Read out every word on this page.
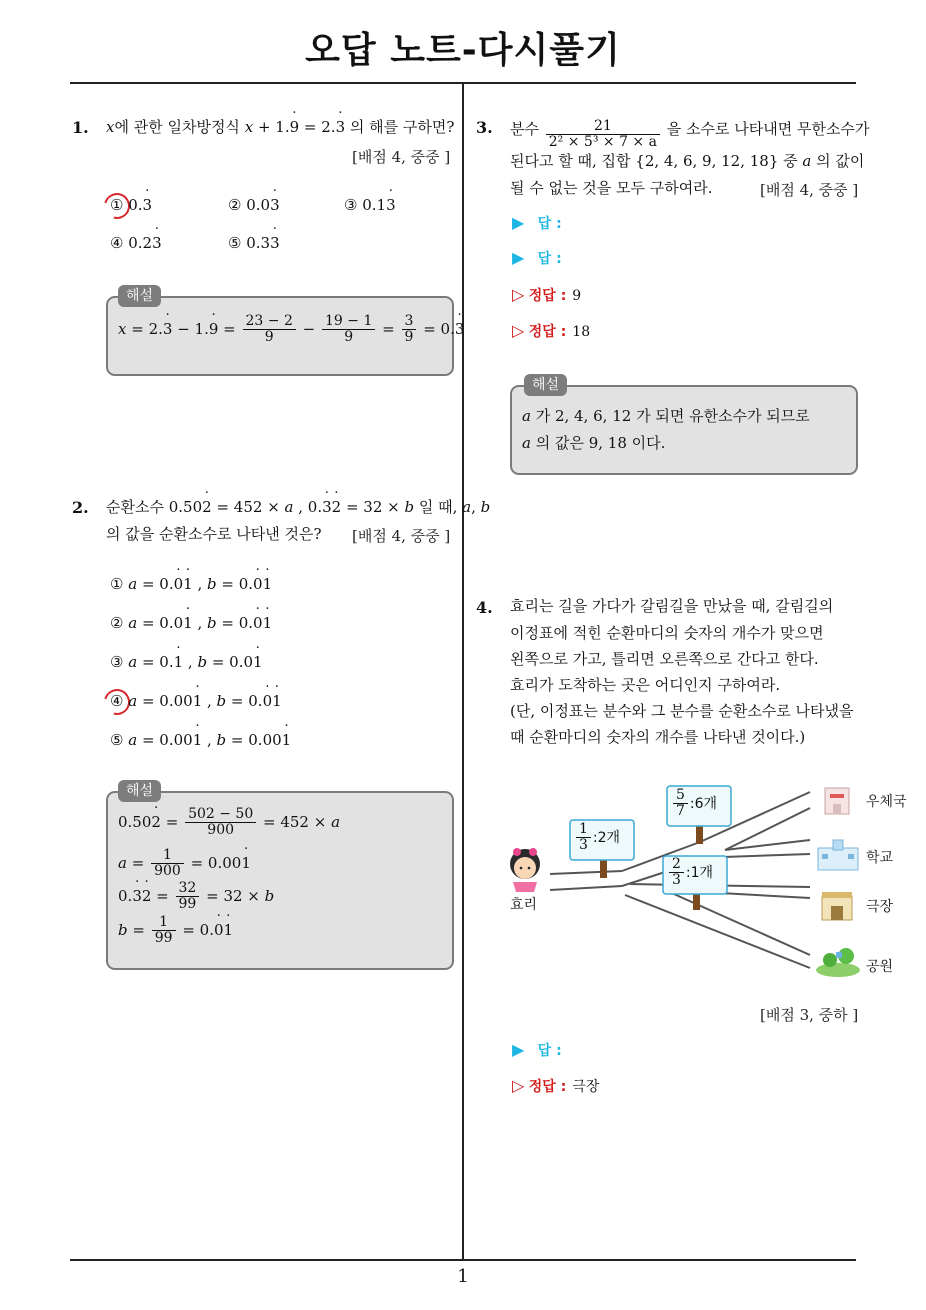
오답 노트-다시풀기
1. x에 관한 일차방정식 x + 1.9 ˙ = 2.3 ˙ 의 해를 구하면?
[배점 4, 중중 ]
① 0.3 ˙	② 0.03 ˙	③ 0.13 ˙
④ 0.23 ˙	⑤ 0.33 ˙
x = 2.3 ˙ − 1.9 ˙ = $\frac{23 - 2}{9} - \frac{19 - 1}{9} = \frac{3}{9} = 0.3$ ˙
해설
2. 순환소수 0.502 ˙ = 452 × a , 0.3 ˙2 ˙ = 32 × b 일 때, a, b
의 값을 순환소수로 나타낸 것은? [배점 4, 중중 ]
① a = 0.0 ˙1 ˙ , b = 0.0 ˙1 ˙
② a = 0.01 ˙ , b = 0.0 ˙1 ˙
③ a = 0.1 ˙ , b = 0.01 ˙
④ a = 0.001 ˙ , b = 0.0 ˙1 ˙
⑤ a = 0.001 ˙ , b = 0.001 ˙
0.502 ˙ = $\frac{502 - 50}{900} = 452 \times a$
$a = \frac{1}{900} = 0.001$ ˙
0.3 ˙2 ˙ = $\frac{32}{99} = 32 \times b$
$b = \frac{1}{99} = 0.0$ ˙1 ˙
해설
3. 분수 $\frac{21}{\text{2² × 5³ × 7 × a}}$ 을 소수로 나타내면 무한소수가
된다고 할 때, 집합 {2, 4, 6, 9, 12, 18} 중 a 의 값이
될 수 없는 것을 모두 구하여라.	[배점 4, 중중 ]
▶ 답 :
▶ 답 :
▷ 정답 : 9
▷ 정답 : 18
a 가 2, 4, 6, 12 가 되면 유한소수가 되므로
a 의 값은 9, 18 이다.
해설
4. 효리는 길을 가다가 갈림길을 만났을 때, 갈림길의
이정표에 적힌 순환마디의 숫자의 개수가 맞으면
왼쪽으로 가고, 틀리면 오른쪽으로 간다고 한다.
효리가 도착하는 곳은 어디인지 구하여라.
(단, 이정표는 분수와 그 분수를 순환소수로 나타냈을
때 순환마디의 숫자의 개수를 나타낸 것이다.)
$\frac{1}{3}$ :2개
$\frac{5}{7}$ :6개
$\frac{2}{3}$ :1개
효리
우체국
학교
극장
공원
[배점 3, 중하 ]
▶ 답 :
▷ 정답 : 극장
1
